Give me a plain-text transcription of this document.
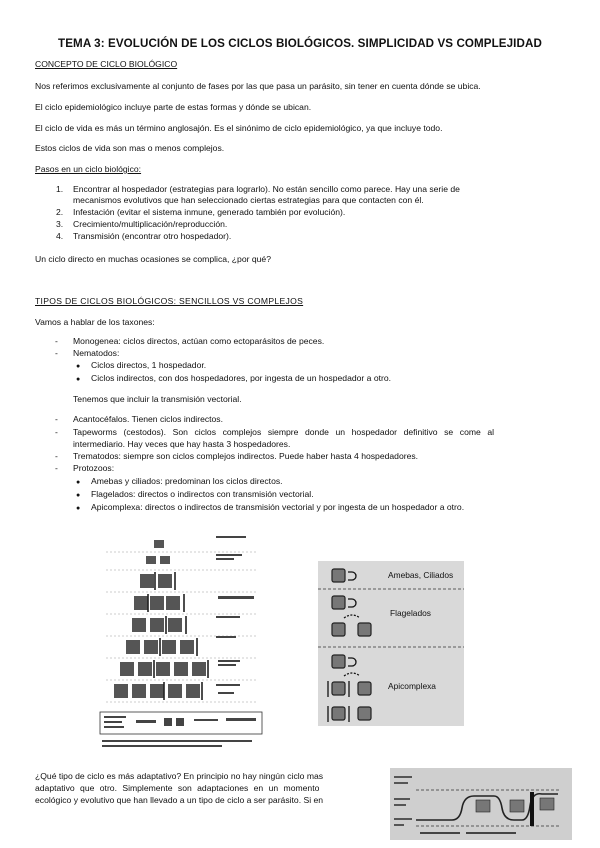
TEMA 3: EVOLUCIÓN DE LOS CICLOS BIOLÓGICOS. SIMPLICIDAD VS COMPLEJIDAD
CONCEPTO DE CICLO BIOLÓGICO
Nos referimos exclusivamente al conjunto de fases por las que pasa un parásito, sin tener en cuenta dónde se ubica.
El ciclo epidemiológico incluye parte de estas formas y dónde se ubican.
El ciclo de vida es más un término anglosajón. Es el sinónimo de ciclo epidemiológico, ya que incluye todo.
Estos ciclos de vida son mas o menos complejos.
Pasos en un ciclo biológico:
1. Encontrar al hospedador (estrategias para lograrlo). No están sencillo como parece. Hay una serie de
mecanismos evolutivos que han seleccionado ciertas estrategias para que contacten con él.
2. Infestación (evitar el sistema inmune, generado también por evolución).
3. Crecimiento/multiplicación/reproducción.
4. Transmisión (encontrar otro hospedador).
Un ciclo directo en muchas ocasiones se complica, ¿por qué?
TIPOS DE CICLOS BIOLÓGICOS: SENCILLOS VS COMPLEJOS
Vamos a hablar de los taxones:
- Monogenea: ciclos directos, actúan como ectoparásitos de peces.
- Nematodos:
● Ciclos directos, 1 hospedador.
● Ciclos indirectos, con dos hospedadores, por ingesta de un hospedador a otro.
Tenemos que incluir la transmisión vectorial.
- Acantocéfalos. Tienen ciclos indirectos.
- Tapeworms (cestodos). Son ciclos complejos siempre donde un hospedador definitivo se come al
intermediario. Hay veces que hay hasta 3 hospedadores.
- Trematodos: siempre son ciclos complejos indirectos. Puede haber hasta 4 hospedadores.
- Protozoos:
● Amebas y ciliados: predominan los ciclos directos.
● Flagelados: directos o indirectos con transmisión vectorial.
● Apicomplexa: directos o indirectos de transmisión vectorial y por ingesta de un hospedador a otro.
Amebas, Ciliados
Flagelados
Apicomplexa
¿Qué tipo de ciclo es más adaptativo? En principio no hay ningún ciclo mas
adaptativo que otro. Simplemente son adaptaciones en un momento
ecológico y evolutivo que han llevado a un tipo de ciclo a ser parásito. Si en
